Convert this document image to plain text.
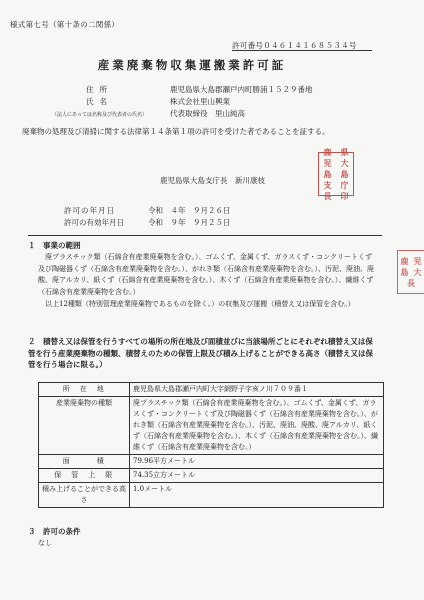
様式第七号（第十条の二関係）
許可番号０４６１４１６８５３４号
産業廃棄物収集運搬業許可証
住所	鹿児島県大島郡瀬戸内町勝浦１５２９番地
氏名	株式会社里山興業
（法人にあっては名称及び代表者の氏名）	代表取締役　里山純高
廃棄物の処理及び清掃に関する法律第１４条第１項の許可を受けた者であることを証する。
鹿児島県大島支庁長　新川康枝
鹿	県
児	大
島	島
支	庁
長	印
許可の年月日	令和　４年　９月２６日
許可の有効年月日	令和　９年　９月２５日
１　事業の範囲
廃プラスチック類（石綿含有産業廃棄物を含む。）、ゴムくず、金属くず、ガラスくず・コンクリートくず及び陶磁器くず（石綿含有産業廃棄物を含む。）、がれき類（石綿含有産業廃棄物を含む。）、汚泥、廃油、廃酸、廃アルカリ、紙くず（石綿含有産業廃棄物を含む。）、木くず（石綿含有産業廃棄物を含む。）、繊維くず（石綿含有産業廃棄物を含む。）
以上12種類（特別管理産業廃棄物であるものを除く。）の収集及び運搬（積替え又は保管を含む。）
２　積替え又は保管を行うすべての場所の所在地及び面積並びに当該場所ごとにそれぞれ積替え又は保管を行う産業廃棄物の種類、積替えのための保管上限及び積み上げることができる高さ（積替え又は保管を行う場合に限る。）
所　在　地	鹿児島県大島郡瀬戸内町大字網野子字亥ノ川７０９番１
産業廃棄物の種類	廃プラスチック類（石綿含有産業廃棄物を含む。）、ゴムくず、金属くず、ガラスくず・コンクリートくず及び陶磁器くず（石綿含有産業廃棄物を含む。）、がれき類（石綿含有産業廃棄物を含む。）、汚泥、廃油、廃酸、廃アルカリ、紙くず（石綿含有産業廃棄物を含む。）、木くず（石綿含有産業廃棄物を含む。）、繊維くず（石綿含有産業廃棄物を含む。）
面　　　積	79.96平方メートル
保　管　上　限	74.35立方メートル
積み上げることができる高さ	1.0メートル
３　許可の条件
なし
鹿 児
島 大
長
